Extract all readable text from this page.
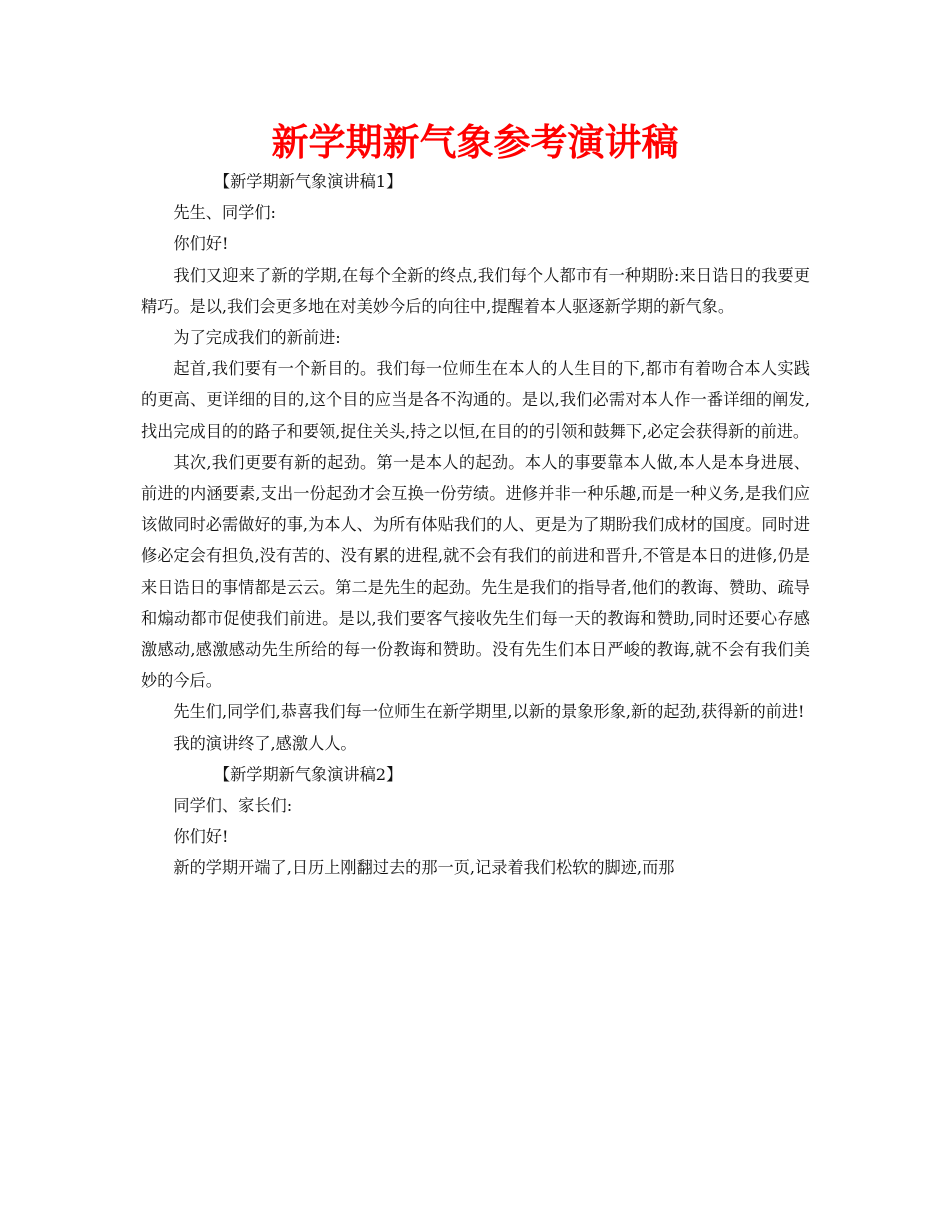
新学期新气象参考演讲稿

【新学期新气象演讲稿1】

先生、同学们:

你们好!

我们又迎来了新的学期,在每个全新的终点,我们每个人都市有一种期盼:来日诰日的我要更精巧。是以,我们会更多地在对美妙今后的向往中,提醒着本人驱逐新学期的新气象。

为了完成我们的新前进:

起首,我们要有一个新目的。我们每一位师生在本人的人生目的下,都市有着吻合本人实践的更高、更详细的目的,这个目的应当是各不沟通的。是以,我们必需对本人作一番详细的阐发,找出完成目的的路子和要领,捉住关头,持之以恒,在目的的引领和鼓舞下,必定会获得新的前进。

其次,我们更要有新的起劲。第一是本人的起劲。本人的事要靠本人做,本人是本身进展、前进的内涵要素,支出一份起劲才会互换一份劳绩。进修并非一种乐趣,而是一种义务,是我们应该做同时必需做好的事,为本人、为所有体贴我们的人、更是为了期盼我们成材的国度。同时进修必定会有担负,没有苦的、没有累的进程,就不会有我们的前进和晋升,不管是本日的进修,仍是来日诰日的事情都是云云。第二是先生的起劲。先生是我们的指导者,他们的教诲、赞助、疏导和煽动都市促使我们前进。是以,我们要客气接收先生们每一天的教诲和赞助,同时还要心存感激感动,感激感动先生所给的每一份教诲和赞助。没有先生们本日严峻的教诲,就不会有我们美妙的今后。

先生们,同学们,恭喜我们每一位师生在新学期里,以新的景象形象,新的起劲,获得新的前进!

我的演讲终了,感激人人。

【新学期新气象演讲稿2】

同学们、家长们:

你们好!

新的学期开端了,日历上刚翻过去的那一页,记录着我们松软的脚迹,而那
